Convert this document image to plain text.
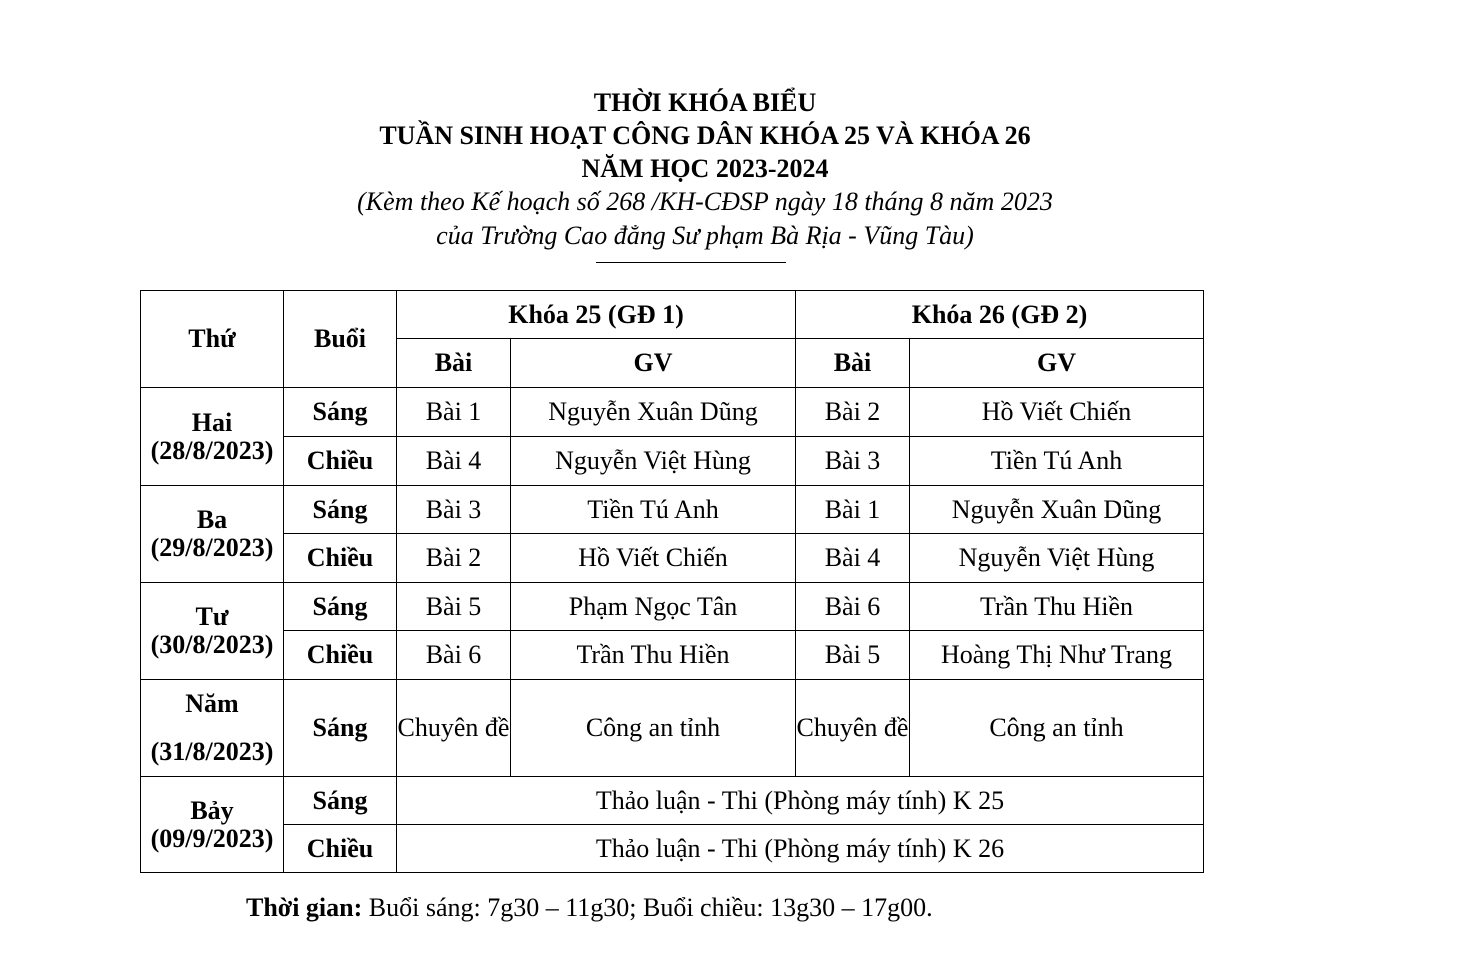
THỜI KHÓA BIỂU
TUẦN SINH HOẠT CÔNG DÂN KHÓA 25 VÀ KHÓA 26
NĂM HỌC 2023-2024
(Kèm theo Kế hoạch số 268 /KH-CĐSP ngày 18 tháng 8 năm 2023
của Trường Cao đẳng Sư phạm Bà Rịa - Vũng Tàu)
Thứ	Buổi	Khóa 25 (GĐ 1)		Khóa 26 (GĐ 2)	
		Bài	GV	Bài	GV

Hai
(28/8/2023)	Sáng	Bài 1	Nguyễn Xuân Dũng	Bài 2	Hồ Viết Chiến
	Chiều	Bài 4	Nguyễn Việt Hùng	Bài 3	Tiền Tú Anh

Ba
(29/8/2023)	Sáng	Bài 3	Tiền Tú Anh	Bài 1	Nguyễn Xuân Dũng
	Chiều	Bài 2	Hồ Viết Chiến	Bài 4	Nguyễn Việt Hùng

Tư
(30/8/2023)	Sáng	Bài 5	Phạm Ngọc Tân	Bài 6	Trần Thu Hiền
	Chiều	Bài 6	Trần Thu Hiền	Bài 5	Hoàng Thị Như Trang

Năm
(31/8/2023)	Sáng	Chuyên đề	Công an tỉnh	Chuyên đề	Công an tỉnh

Bảy
(09/9/2023)	Sáng	Thảo luận - Thi (Phòng máy tính) K 25			
	Chiều	Thảo luận - Thi (Phòng máy tính) K 26			
Thời gian: Buổi sáng: 7g30 – 11g30; Buổi chiều: 13g30 – 17g00.
